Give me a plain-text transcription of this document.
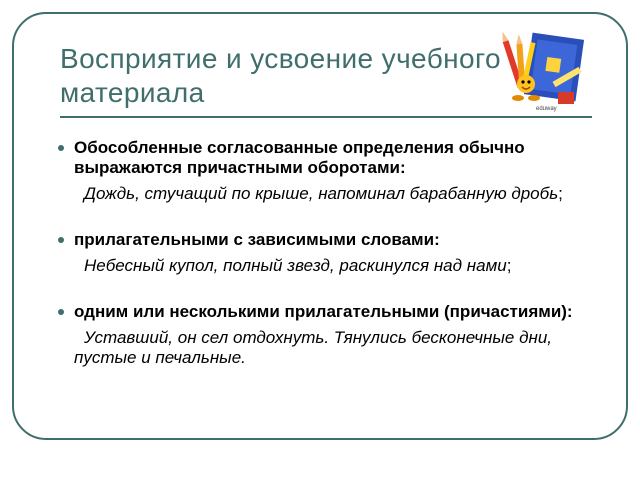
Восприятие и усвоение учебного материала
eduway
Обособленные согласованные определения обычно выражаются причастными оборотами:
Дождь, стучащий по крыше, напоминал барабанную дробь;
прилагательными с зависимыми словами:
Небесный купол, полный звезд, раскинулся над нами;
одним или несколькими прилагательными (причастиями):
Уставший, он сел отдохнуть. Тянулись бесконечные дни, пустые и печальные.
